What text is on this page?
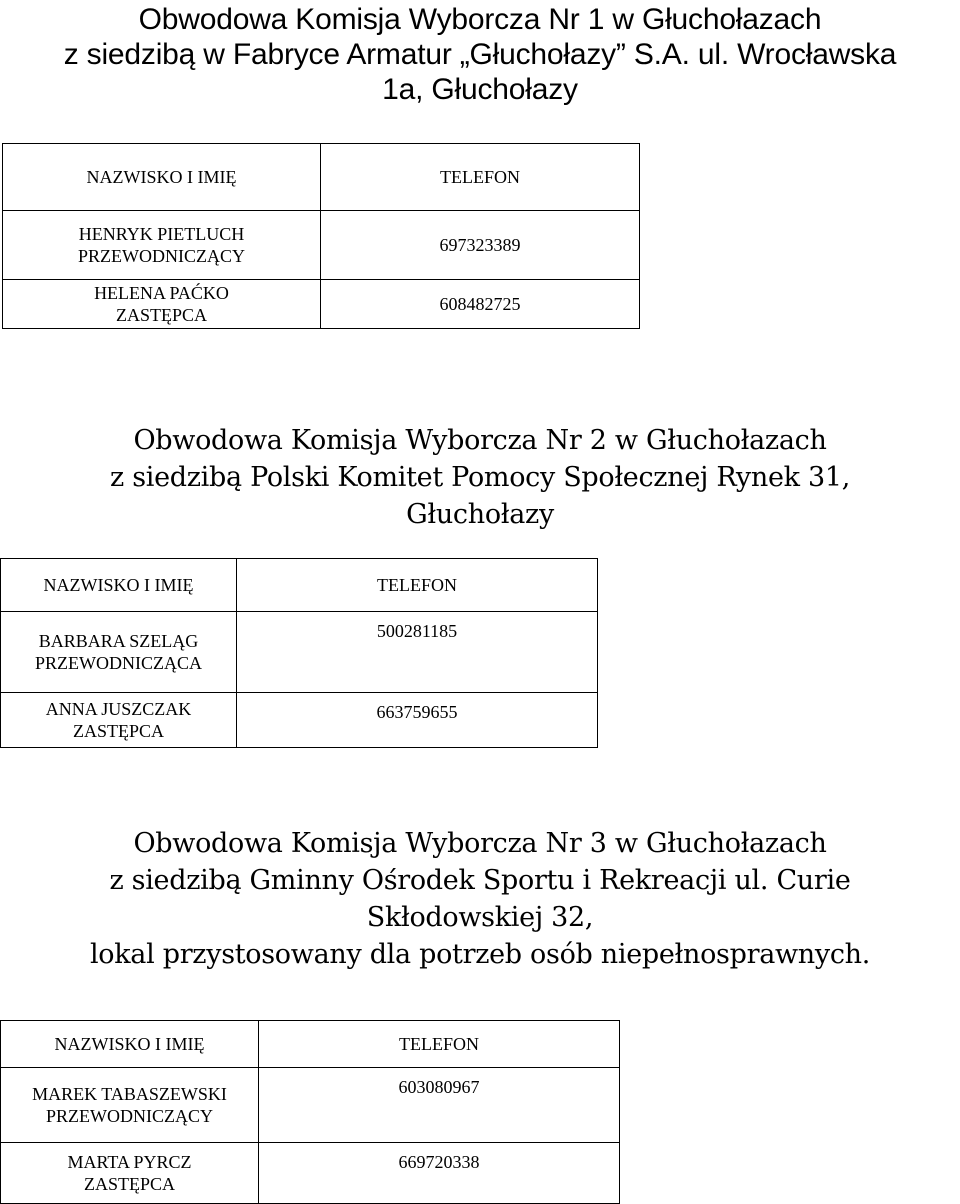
Obwodowa Komisja Wyborcza Nr 1 w Głuchołazach
z siedzibą w Fabryce Armatur „Głuchołazy” S.A. ul. Wrocławska
1a, Głuchołazy
NAZWISKO I IMIĘ	TELEFON

HENRYK PIETLUCH
PRZEWODNICZĄCY	697323389

HELENA PAĆKO
ZASTĘPCA	608482725
Obwodowa Komisja Wyborcza Nr 2 w Głuchołazach
z siedzibą Polski Komitet Pomocy Społecznej Rynek 31,
Głuchołazy
NAZWISKO I IMIĘ	TELEFON

BARBARA SZELĄG
PRZEWODNICZĄCA	500281185

ANNA JUSZCZAK
ZASTĘPCA	663759655
Obwodowa Komisja Wyborcza Nr 3 w Głuchołazach
z siedzibą Gminny Ośrodek Sportu i Rekreacji ul. Curie
Skłodowskiej 32,
lokal przystosowany dla potrzeb osób niepełnosprawnych.
NAZWISKO I IMIĘ	TELEFON

MAREK TABASZEWSKI
PRZEWODNICZĄCY	603080967

MARTA PYRCZ
ZASTĘPCA	669720338
